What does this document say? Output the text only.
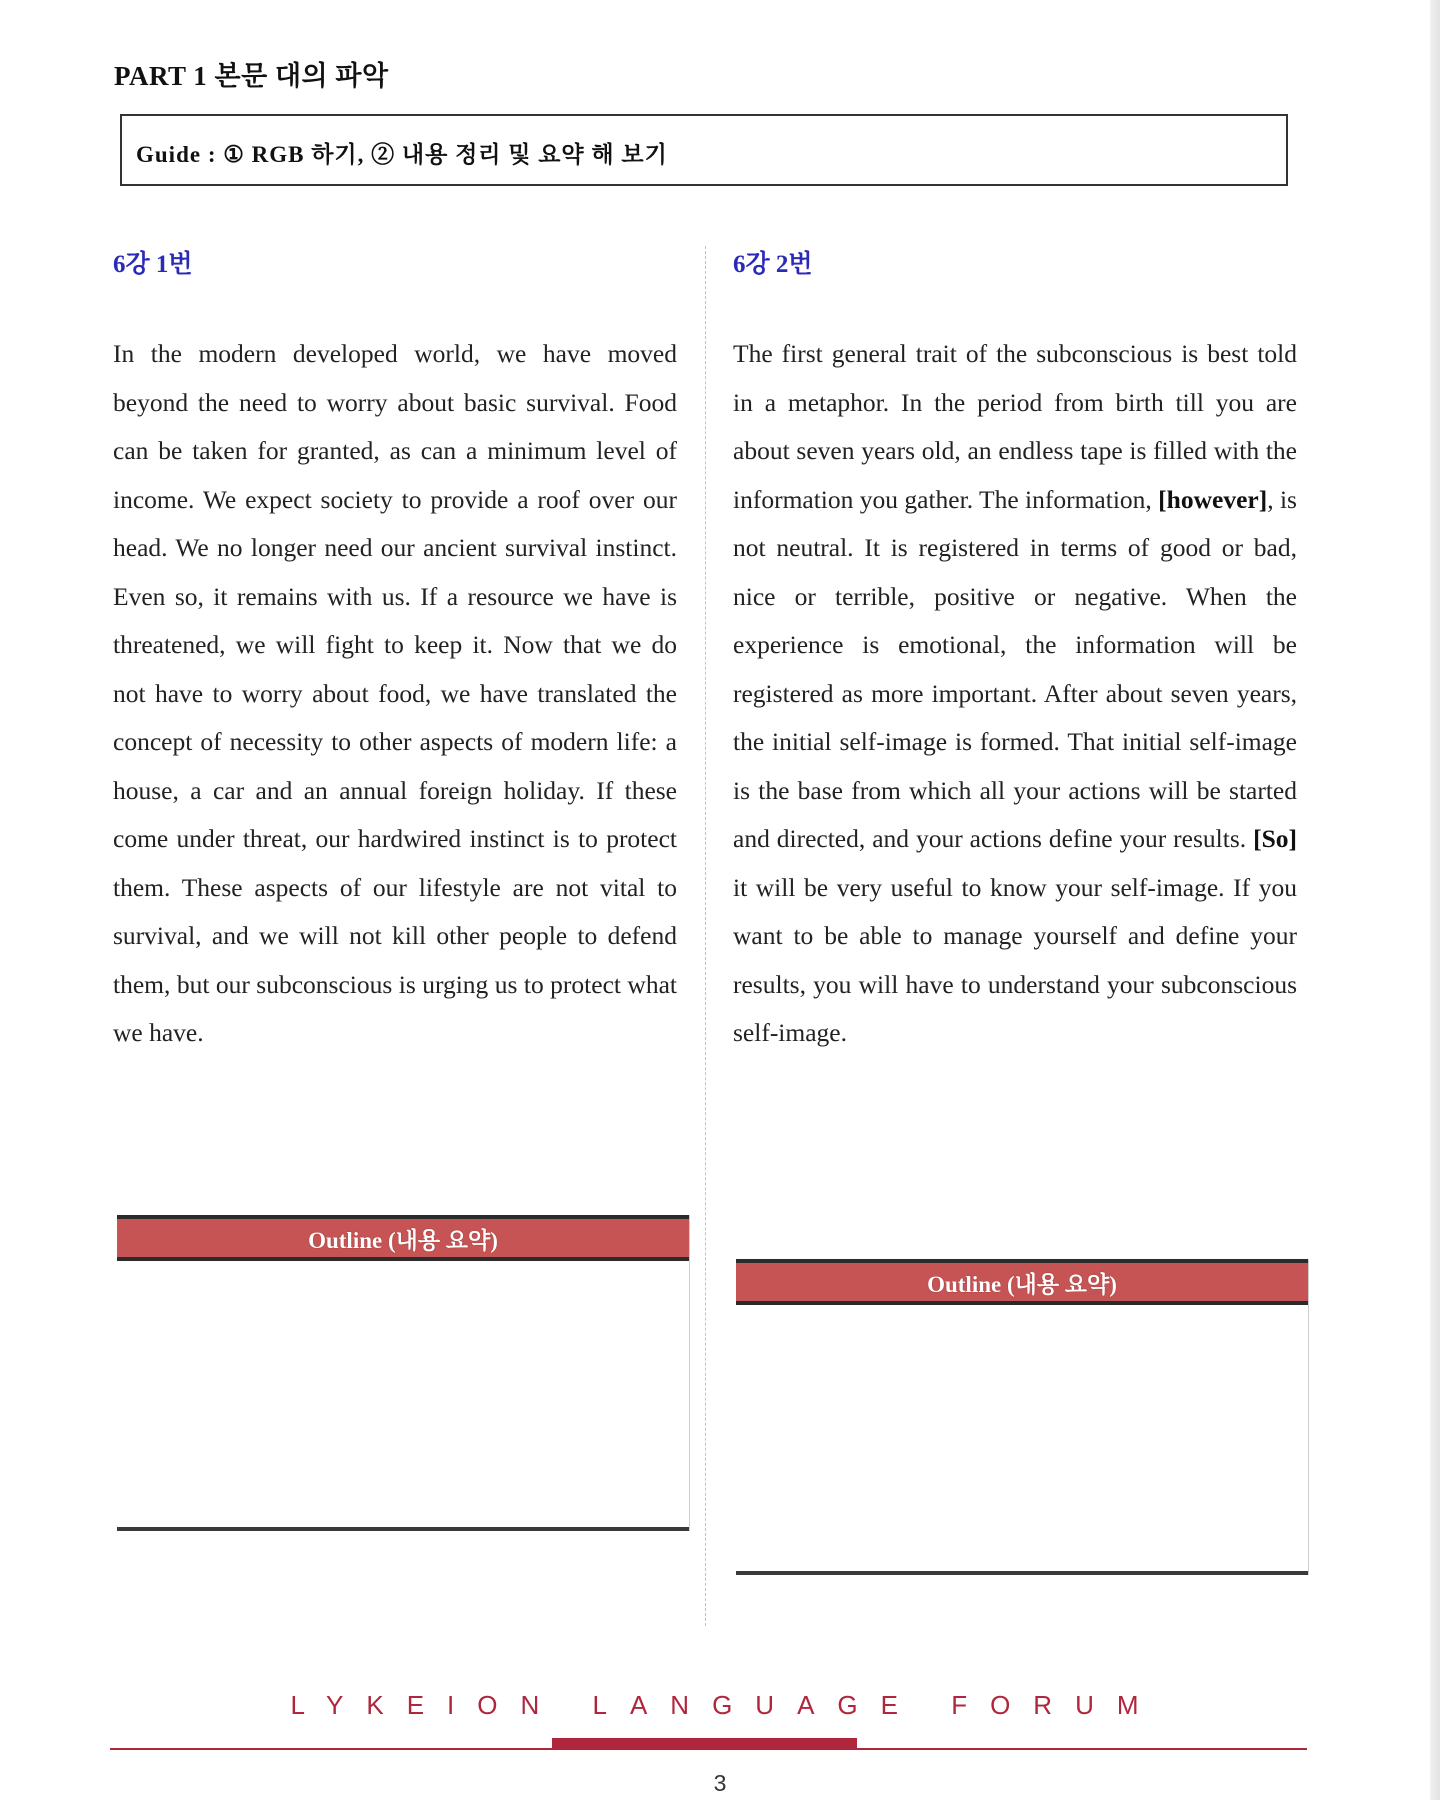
PART 1 본문 대의 파악
Guide : ① RGB 하기, ② 내용 정리 및 요약 해 보기
6강 1번
In the modern developed world, we have moved beyond the need to worry about basic survival. Food can be taken for granted, as can a minimum level of income. We expect society to provide a roof over our head. We no longer need our ancient survival instinct. Even so, it remains with us. If a resource we have is threatened, we will fight to keep it. Now that we do not have to worry about food, we have translated the concept of necessity to other aspects of modern life: a house, a car and an annual foreign holiday. If these come under threat, our hardwired instinct is to protect them. These aspects of our lifestyle are not vital to survival, and we will not kill other people to defend them, but our subconscious is urging us to protect what we have.
Outline (내용 요약)
6강 2번
The first general trait of the subconscious is best told in a metaphor. In the period from birth till you are about seven years old, an endless tape is filled with the information you gather. The information, [however], is not neutral. It is registered in terms of good or bad, nice or terrible, positive or negative. When the experience is emotional, the information will be registered as more important. After about seven years, the initial self-image is formed. That initial self-image is the base from which all your actions will be started and directed, and your actions define your results. [So] it will be very useful to know your self-image. If you want to be able to manage yourself and define your results, you will have to understand your subconscious self-image.
Outline (내용 요약)
LYKEION LANGUAGE FORUM
3
